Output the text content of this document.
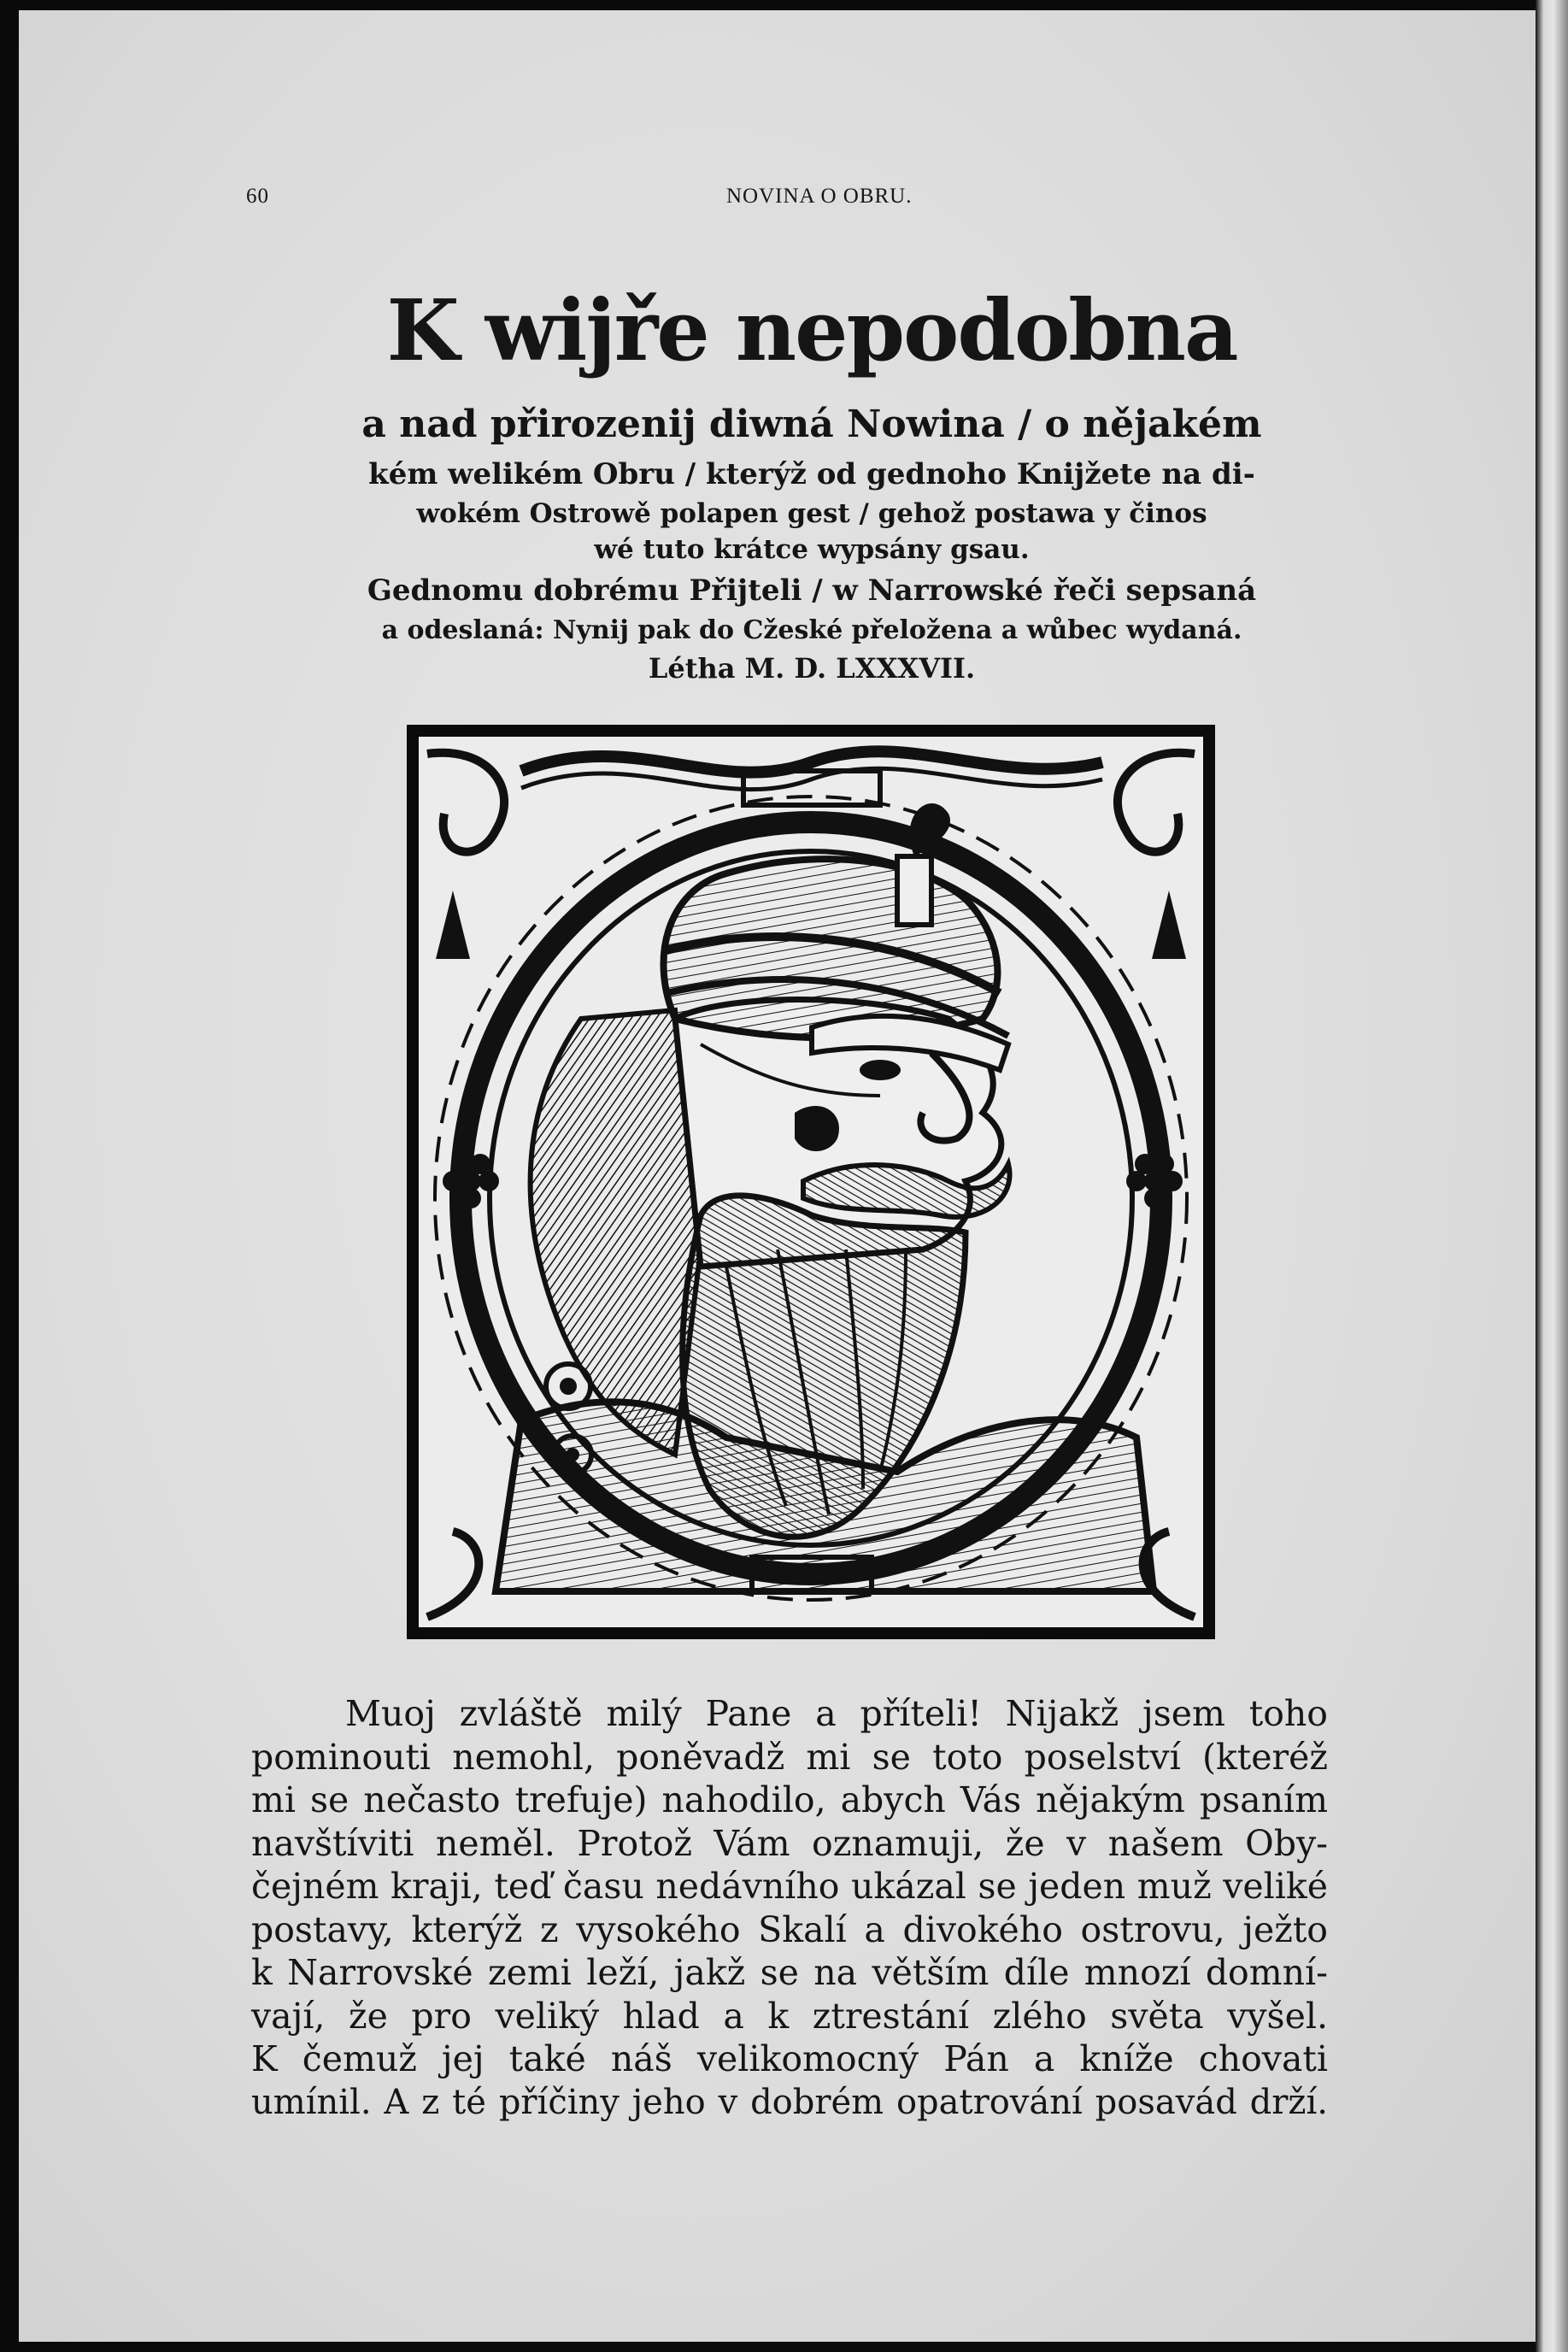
60	NOVINA O OBRU.
K wijře nepodobna
a nad přirozenij diwná Nowina / o nějakém
kém welikém Obru / kterýž od gednoho Knijžete na di-
wokém Ostrowě polapen gest / gehož postawa y činos
wé tuto krátce wypsány gsau.
Gednomu dobrému Přijteli / w Narrowské řeči sepsaná
a odeslaná: Nynij pak do Cžeské přeložena a wůbec wydaná.
Létha M. D. LXXXVII.
Muoj zvláště milý Pane a příteli! Nijakž jsem toho
pominouti nemohl, poněvadž mi se toto poselství (kteréž
mi se nečasto trefuje) nahodilo, abych Vás nějakým psaním
navštíviti neměl. Protož Vám oznamuji, že v našem Oby-
čejném kraji, teď času nedávního ukázal se jeden muž veliké
postavy, kterýž z vysokého Skalí a divokého ostrovu, ježto
k Narrovské zemi leží, jakž se na větším díle mnozí domní-
vají, že pro veliký hlad a k ztrestání zlého světa vyšel.
K čemuž jej také náš velikomocný Pán a kníže chovati
umínil. A z té příčiny jeho v dobrém opatrování posavád drží.
